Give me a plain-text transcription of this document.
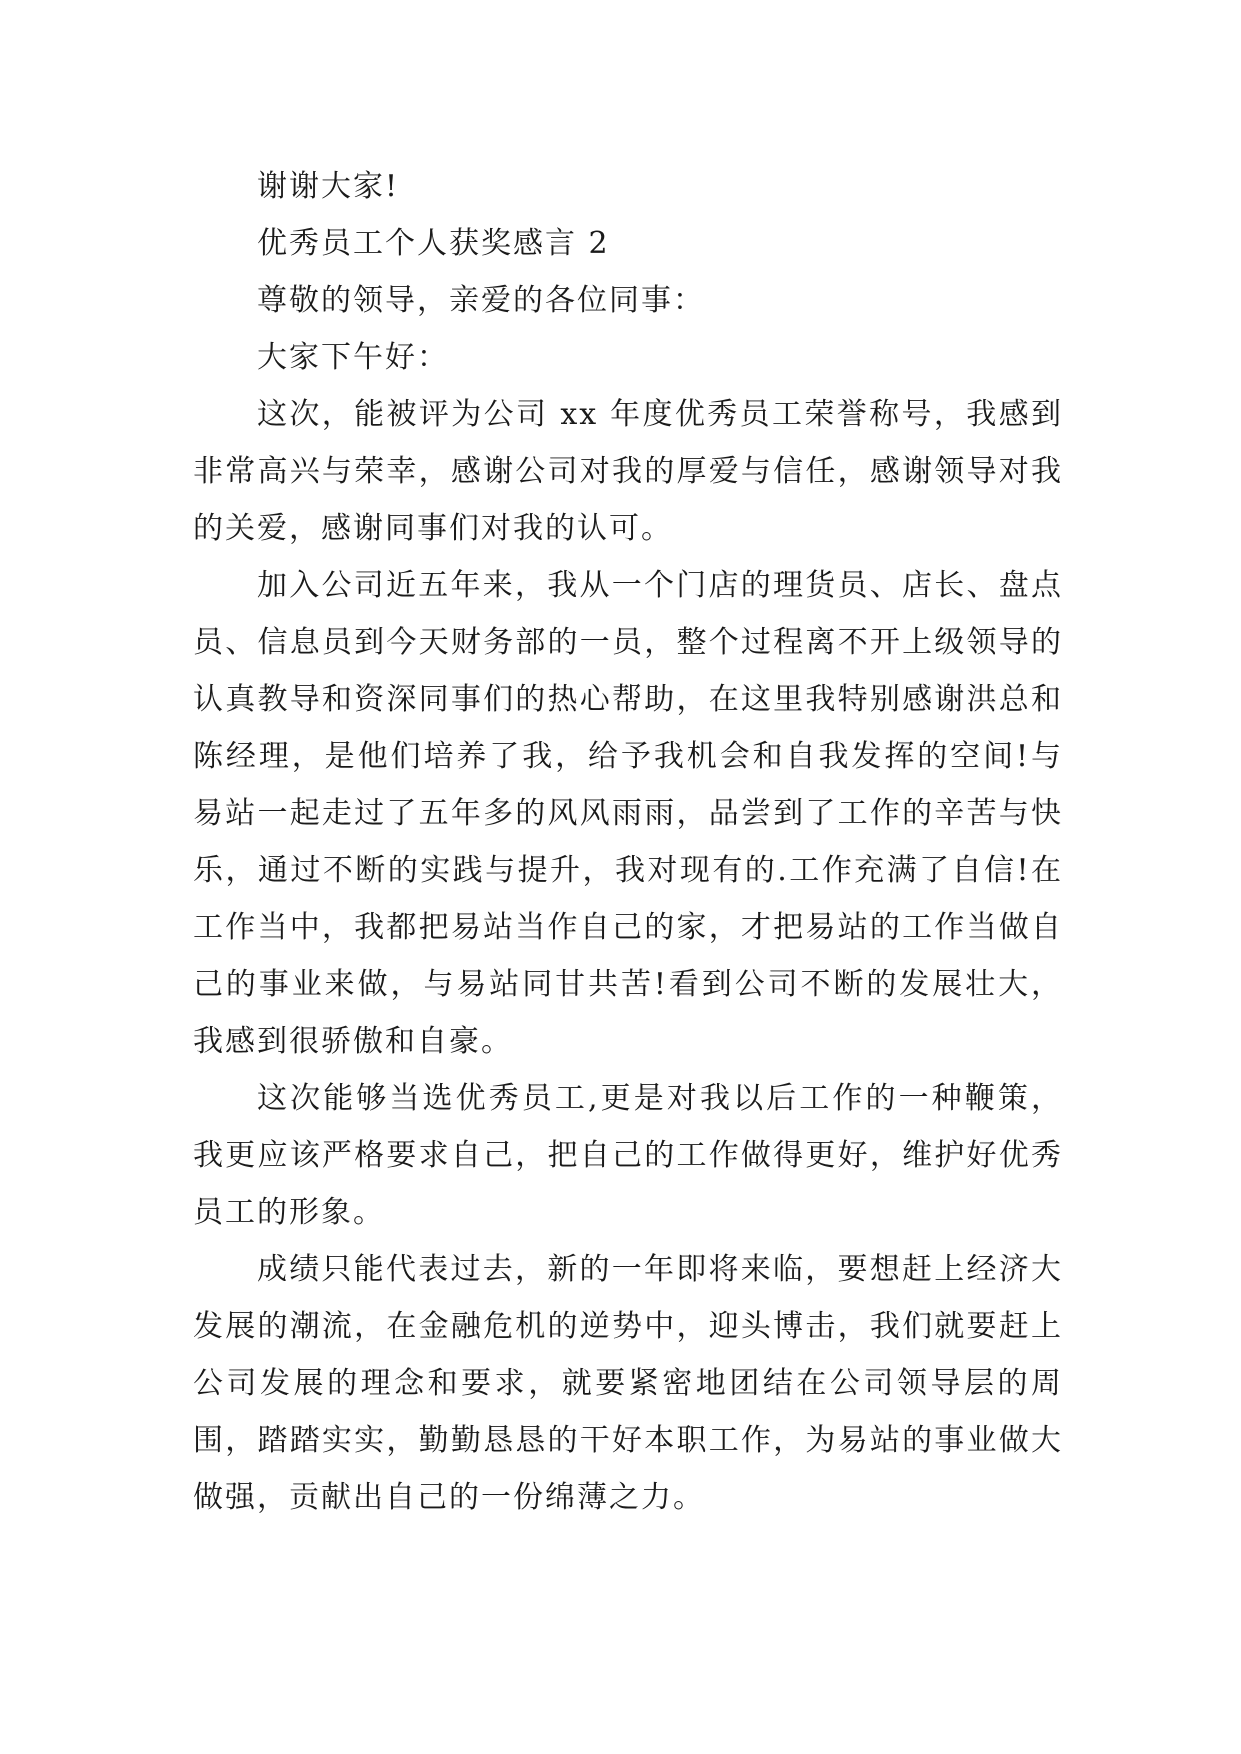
谢谢大家!

优秀员工个人获奖感言 2

尊敬的领导，亲爱的各位同事：

大家下午好：

这次，能被评为公司 xx 年度优秀员工荣誉称号，我感到非常高兴与荣幸，感谢公司对我的厚爱与信任，感谢领导对我的关爱，感谢同事们对我的认可。

加入公司近五年来，我从一个门店的理货员、店长、盘点员、信息员到今天财务部的一员，整个过程离不开上级领导的认真教导和资深同事们的热心帮助，在这里我特别感谢洪总和陈经理，是他们培养了我，给予我机会和自我发挥的空间!与易站一起走过了五年多的风风雨雨，品尝到了工作的辛苦与快乐，通过不断的实践与提升，我对现有的.工作充满了自信!在工作当中，我都把易站当作自己的家，才把易站的工作当做自己的事业来做，与易站同甘共苦!看到公司不断的发展壮大，我感到很骄傲和自豪。

这次能够当选优秀员工,更是对我以后工作的一种鞭策，我更应该严格要求自己，把自己的工作做得更好，维护好优秀员工的形象。

成绩只能代表过去，新的一年即将来临，要想赶上经济大发展的潮流，在金融危机的逆势中，迎头博击，我们就要赶上公司发展的理念和要求，就要紧密地团结在公司领导层的周围，踏踏实实，勤勤恳恳的干好本职工作，为易站的事业做大做强，贡献出自己的一份绵薄之力。
